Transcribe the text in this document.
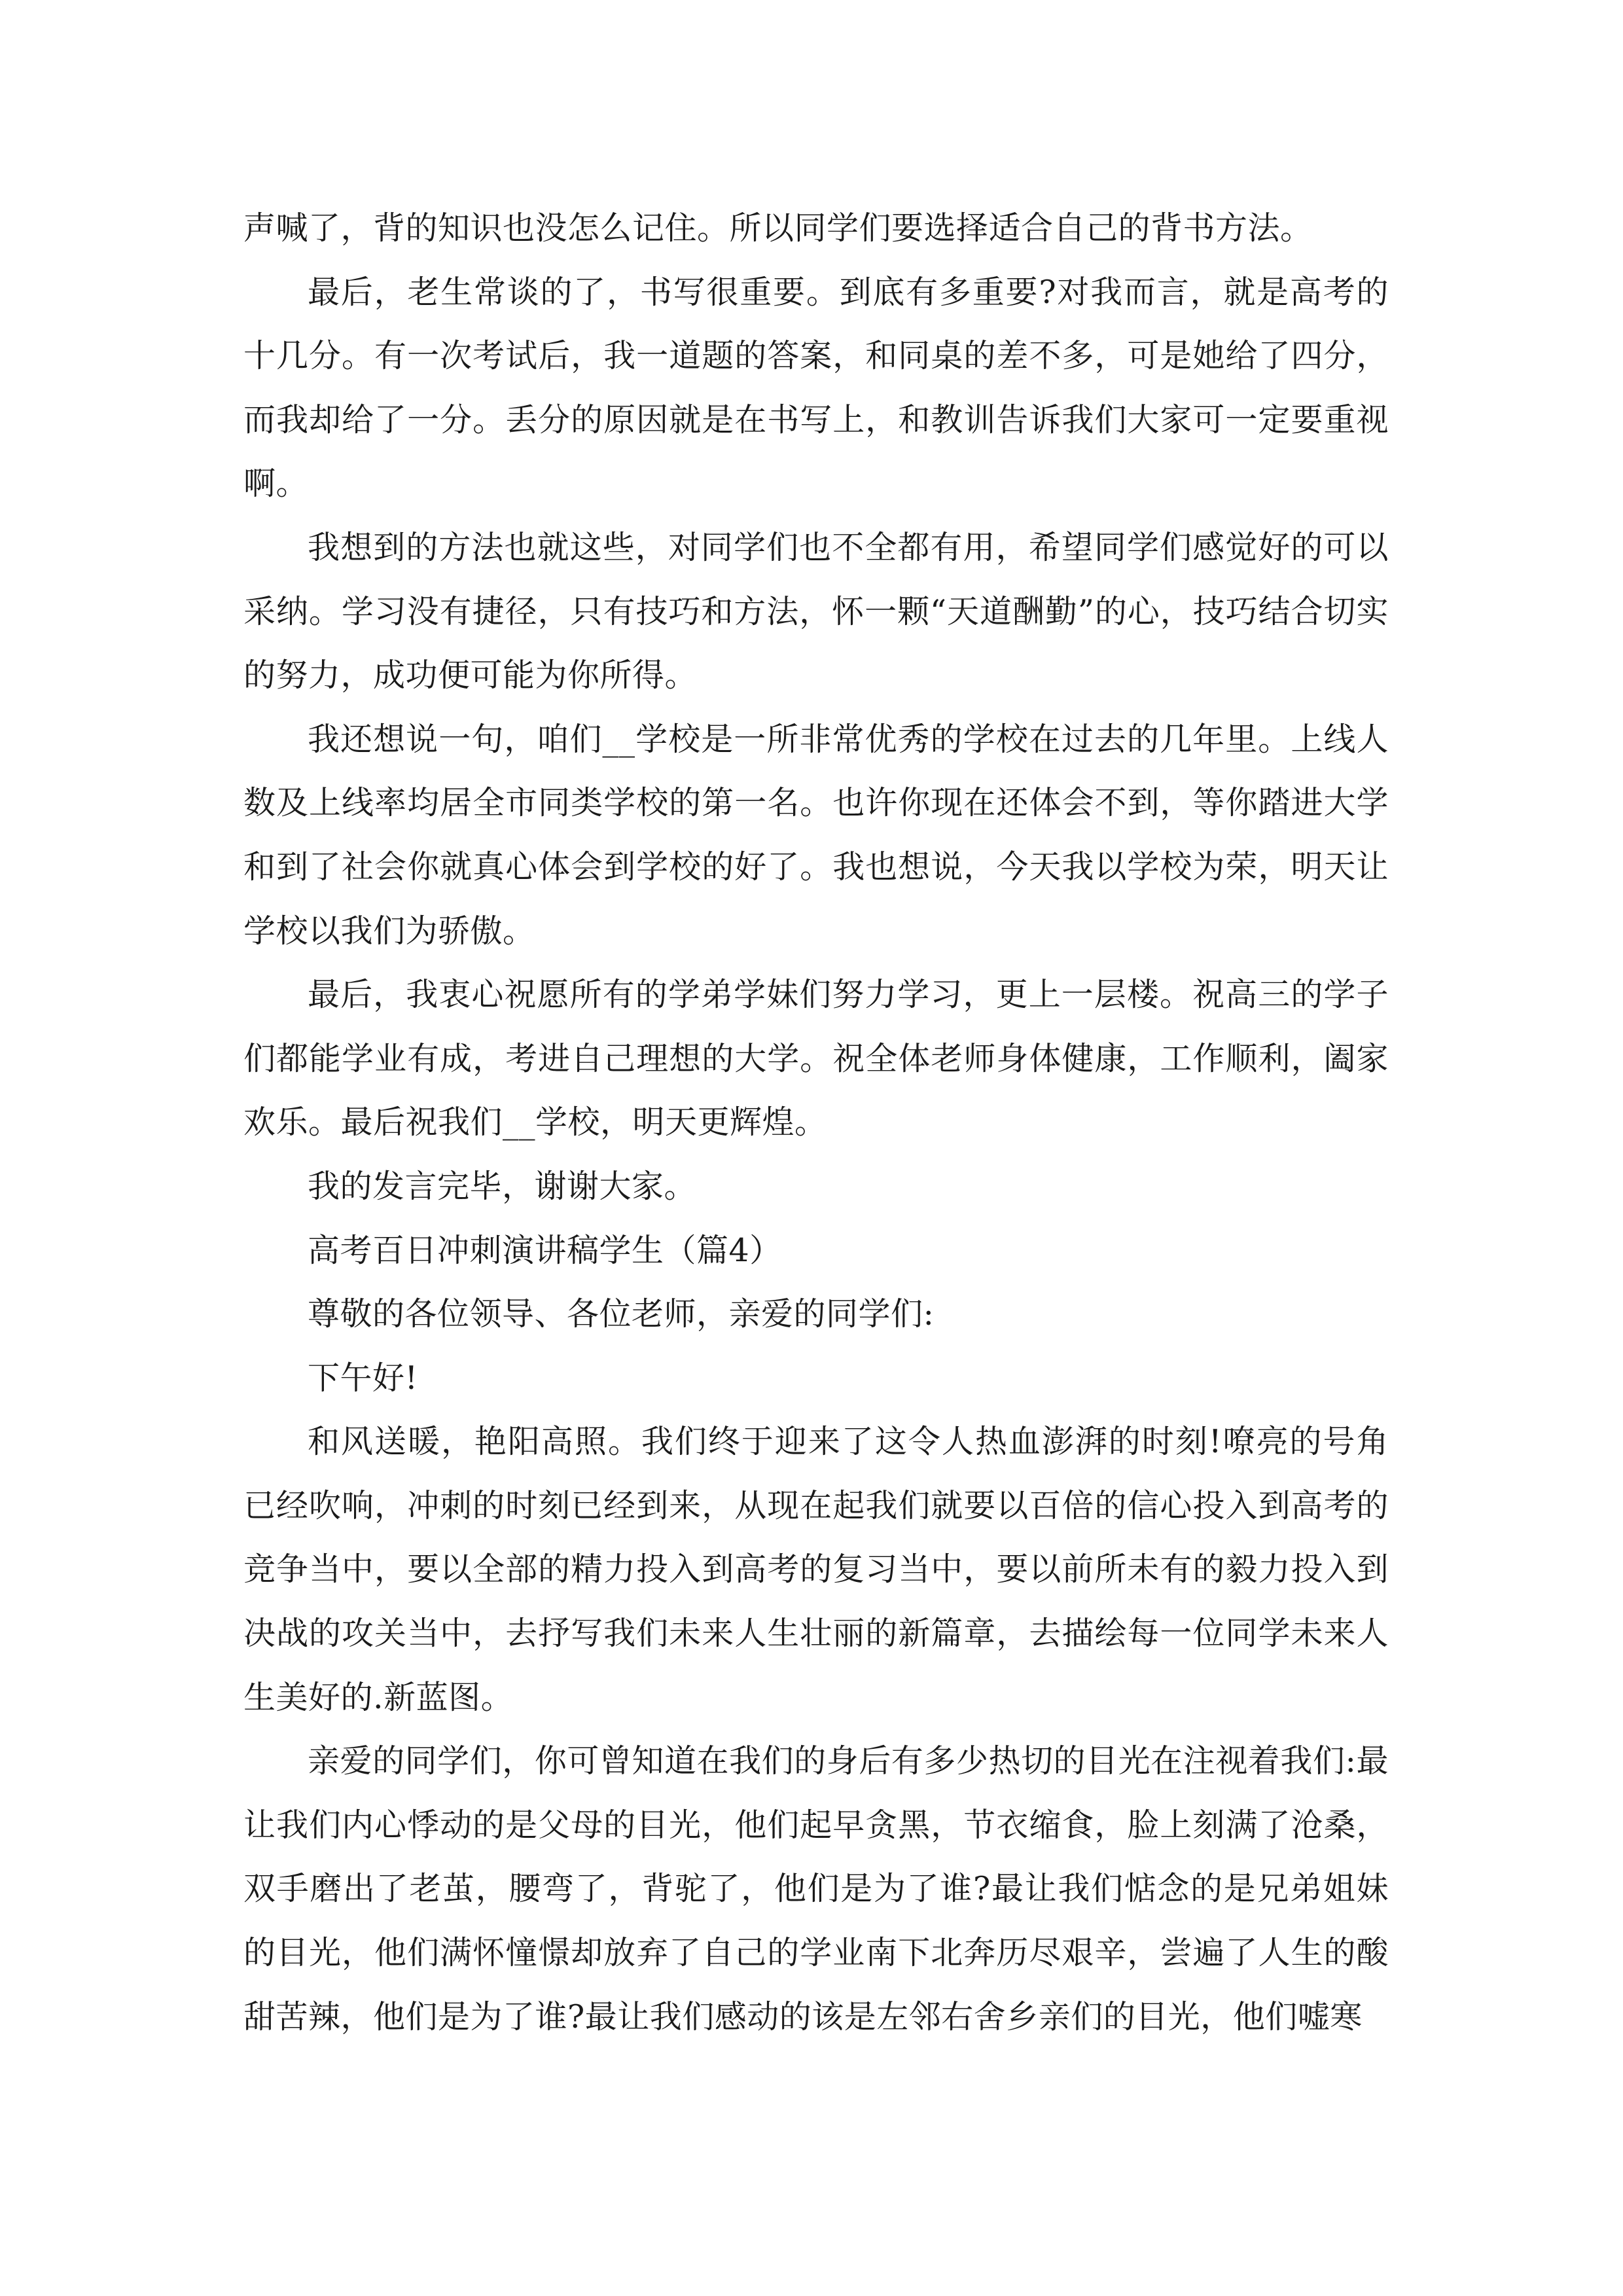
声喊了，背的知识也没怎么记住。所以同学们要选择适合自己的背书方法。

最后，老生常谈的了，书写很重要。到底有多重要?对我而言，就是高考的十几分。有一次考试后，我一道题的答案，和同桌的差不多，可是她给了四分，而我却给了一分。丢分的原因就是在书写上，和教训告诉我们大家可一定要重视啊。

我想到的方法也就这些，对同学们也不全都有用，希望同学们感觉好的可以采纳。学习没有捷径，只有技巧和方法，怀一颗“天道酬勤”的心，技巧结合切实的努力，成功便可能为你所得。

我还想说一句，咱们__学校是一所非常优秀的学校在过去的几年里。上线人数及上线率均居全市同类学校的第一名。也许你现在还体会不到，等你踏进大学和到了社会你就真心体会到学校的好了。我也想说，今天我以学校为荣，明天让学校以我们为骄傲。

最后，我衷心祝愿所有的学弟学妹们努力学习，更上一层楼。祝高三的学子们都能学业有成，考进自己理想的大学。祝全体老师身体健康，工作顺利，阖家欢乐。最后祝我们__学校，明天更辉煌。

我的发言完毕，谢谢大家。

高考百日冲刺演讲稿学生（篇4）

尊敬的各位领导、各位老师，亲爱的同学们:

下午好!

和风送暖，艳阳高照。我们终于迎来了这令人热血澎湃的时刻!嘹亮的号角已经吹响，冲刺的时刻已经到来，从现在起我们就要以百倍的信心投入到高考的竞争当中，要以全部的精力投入到高考的复习当中，要以前所未有的毅力投入到决战的攻关当中，去抒写我们未来人生壮丽的新篇章，去描绘每一位同学未来人生美好的.新蓝图。

亲爱的同学们，你可曾知道在我们的身后有多少热切的目光在注视着我们:最让我们内心悸动的是父母的目光，他们起早贪黑，节衣缩食，脸上刻满了沧桑，双手磨出了老茧，腰弯了，背驼了，他们是为了谁?最让我们惦念的是兄弟姐妹的目光，他们满怀憧憬却放弃了自己的学业南下北奔历尽艰辛，尝遍了人生的酸甜苦辣，他们是为了谁?最让我们感动的该是左邻右舍乡亲们的目光，他们嘘寒
